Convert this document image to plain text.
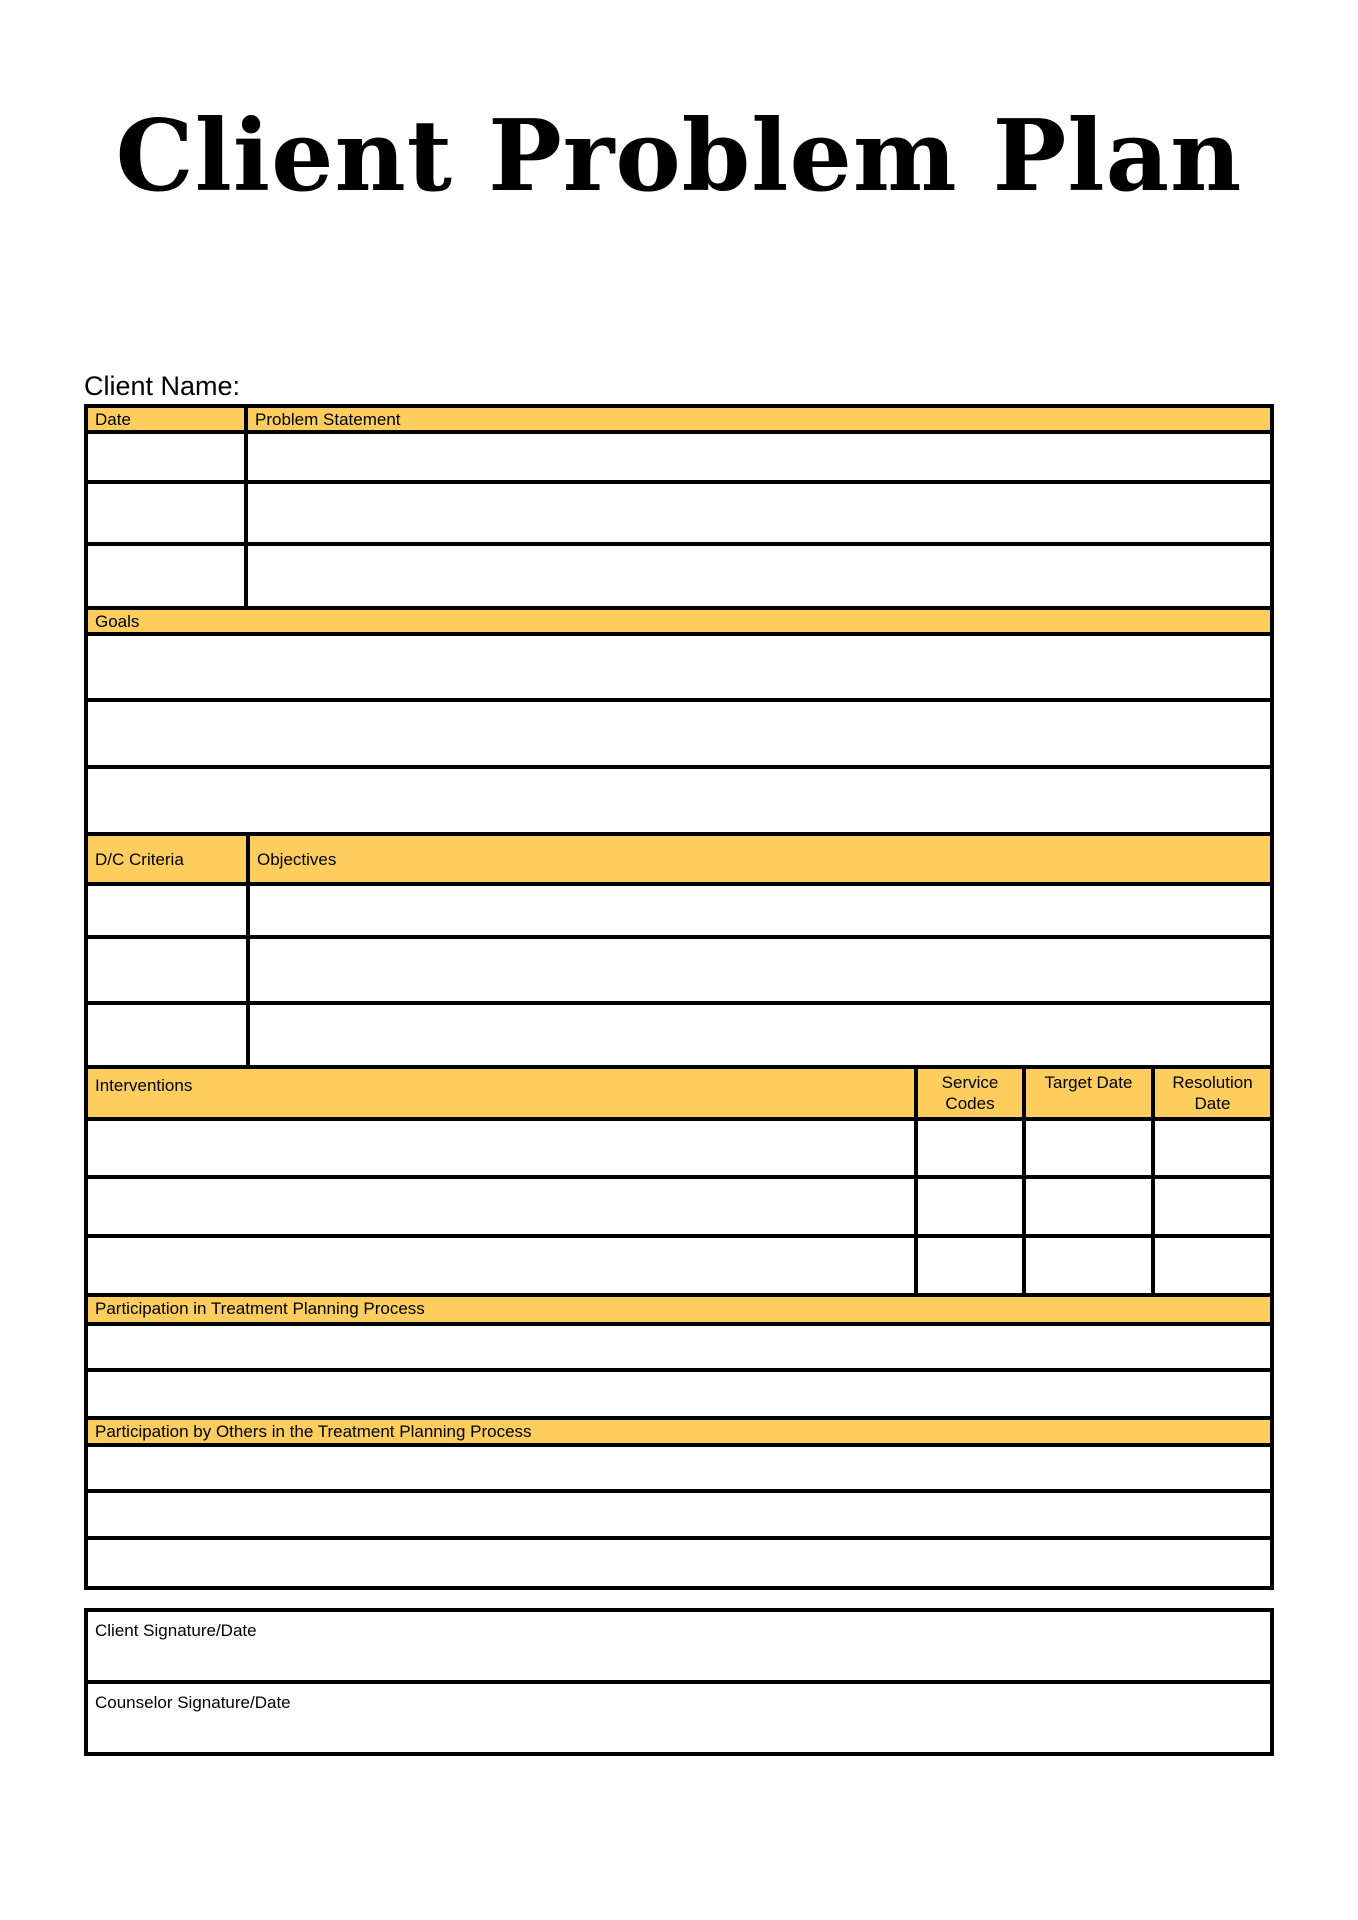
Client Problem Plan
Client Name:
Date	Problem Statement

Goals

D/C Criteria	Objectives

Interventions	Service Codes	Target Date	Resolution Date

Participation in Treatment Planning Process

Participation by Others in the Treatment Planning Process

Client Signature/Date

Counselor Signature/Date
